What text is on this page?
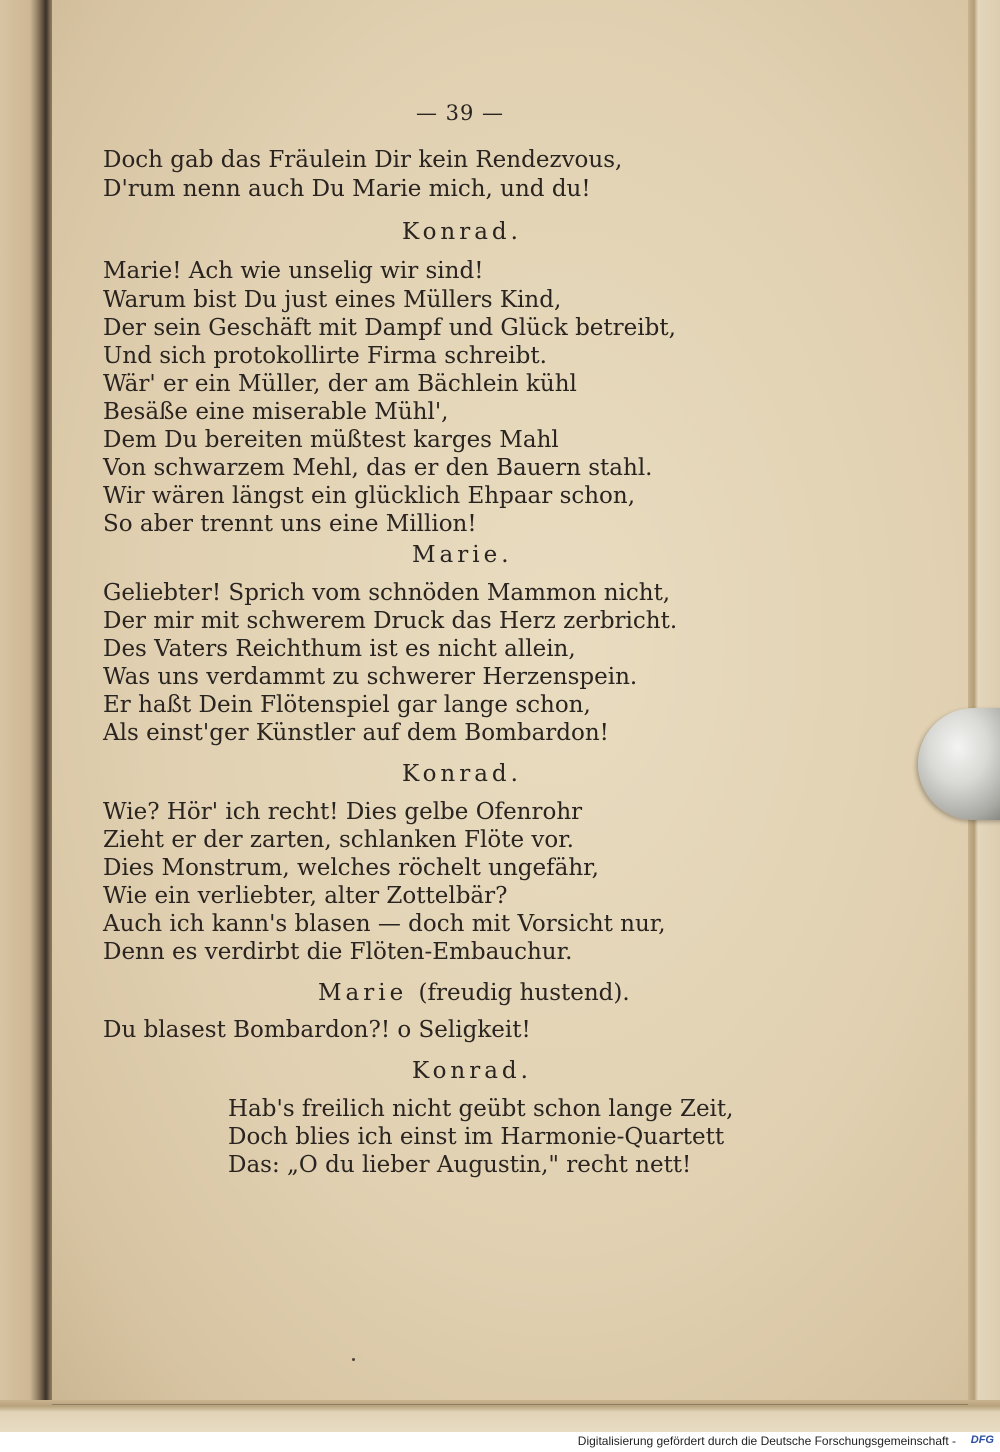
— 39 —
Doch gab das Fräulein Dir kein Rendezvous,
D'rum nenn auch Du Marie mich, und du!
Konrad.
Marie! Ach wie unselig wir sind!
Warum bist Du just eines Müllers Kind,
Der sein Geschäft mit Dampf und Glück betreibt,
Und sich protokollirte Firma schreibt.
Wär' er ein Müller, der am Bächlein kühl
Besäße eine miserable Mühl',
Dem Du bereiten müßtest karges Mahl
Von schwarzem Mehl, das er den Bauern stahl.
Wir wären längst ein glücklich Ehpaar schon,
So aber trennt uns eine Million!
Marie.
Geliebter! Sprich vom schnöden Mammon nicht,
Der mir mit schwerem Druck das Herz zerbricht.
Des Vaters Reichthum ist es nicht allein,
Was uns verdammt zu schwerer Herzenspein.
Er haßt Dein Flötenspiel gar lange schon,
Als einst'ger Künstler auf dem Bombardon!
Konrad.
Wie? Hör' ich recht! Dies gelbe Ofenrohr
Zieht er der zarten, schlanken Flöte vor.
Dies Monstrum, welches röchelt ungefähr,
Wie ein verliebter, alter Zottelbär?
Auch ich kann's blasen — doch mit Vorsicht nur,
Denn es verdirbt die Flöten-Embauchur.
Marie (freudig hustend).
Du blasest Bombardon?! o Seligkeit!
Konrad.
Hab's freilich nicht geübt schon lange Zeit,
Doch blies ich einst im Harmonie-Quartett
Das: „O du lieber Augustin," recht nett!
Digitalisierung gefördert durch die Deutsche Forschungsgemeinschaft - DFG
